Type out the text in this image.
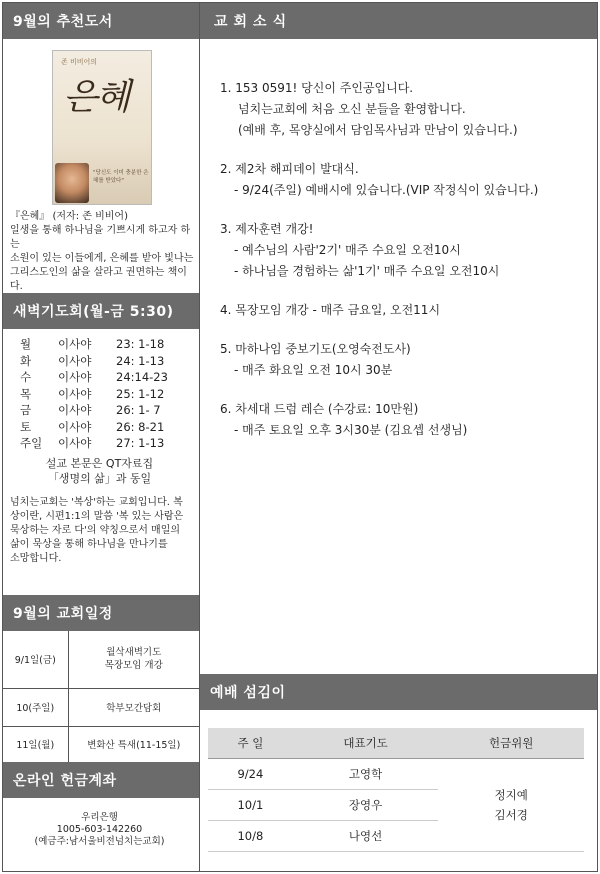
9월의 추천도서
존 비비어의
은혜
"당신도 이미 충분한 은혜를 받았다"
『은혜』 (저자: 존 비비어)
일생을 통해 하나님을 기쁘시게 하고자 하는
소원이 있는 이들에게, 은혜를 받아 빛나는
그리스도인의 삶을 살라고 권면하는 책이다.
새벽기도회(월-금 5:30)
월	이사야	23: 1-18
화	이사야	24: 1-13
수	이사야	24:14-23
목	이사야	25: 1-12
금	이사야	26: 1- 7
토	이사야	26: 8-21
주일	이사야	27: 1-13
설교 본문은 QT자료집
「생명의 삶」과 동일
넘치는교회는 '복상'하는 교회입니다. 복
상이란, 시편1:1의 말씀 '복 있는 사람은
묵상하는 자로 다'의 약칭으로서 매일의
삶이 묵상을 통해 하나님을 만나기를
소망합니다.
9월의 교회일정
9/1일(금)	월삭새벽기도
목장모임 개강
10(주일)	학부모간담회
11일(월)	변화산 특새(11-15일)
온라인 헌금계좌
우리은행
1005-603-142260
(예금주:남서울비전넘치는교회)
교회소식
1. 153 0591! 당신이 주인공입니다.
넘치는교회에 처음 오신 분들을 환영합니다.
(예배 후, 목양실에서 담임목사님과 만남이 있습니다.)
2. 제2차 해피데이 발대식.
- 9/24(주일) 예배시에 있습니다.(VIP 작정식이 있습니다.)
3. 제자훈련 개강!
- 예수님의 사람'2기' 매주 수요일 오전10시
- 하나님을 경험하는 삶'1기' 매주 수요일 오전10시
4. 목장모임 개강 - 매주 금요일, 오전11시
5. 마하나임 중보기도(오영숙전도사)
- 매주 화요일 오전 10시 30분
6. 차세대 드럼 레슨 (수강료: 10만원)
- 매주 토요일 오후 3시30분 (김요셉 선생님)
예배 섬김이
주 일	대표기도	헌금위원
9/24	고영학	정지예
김서경

10/1	장영우	
10/8	나영선	
